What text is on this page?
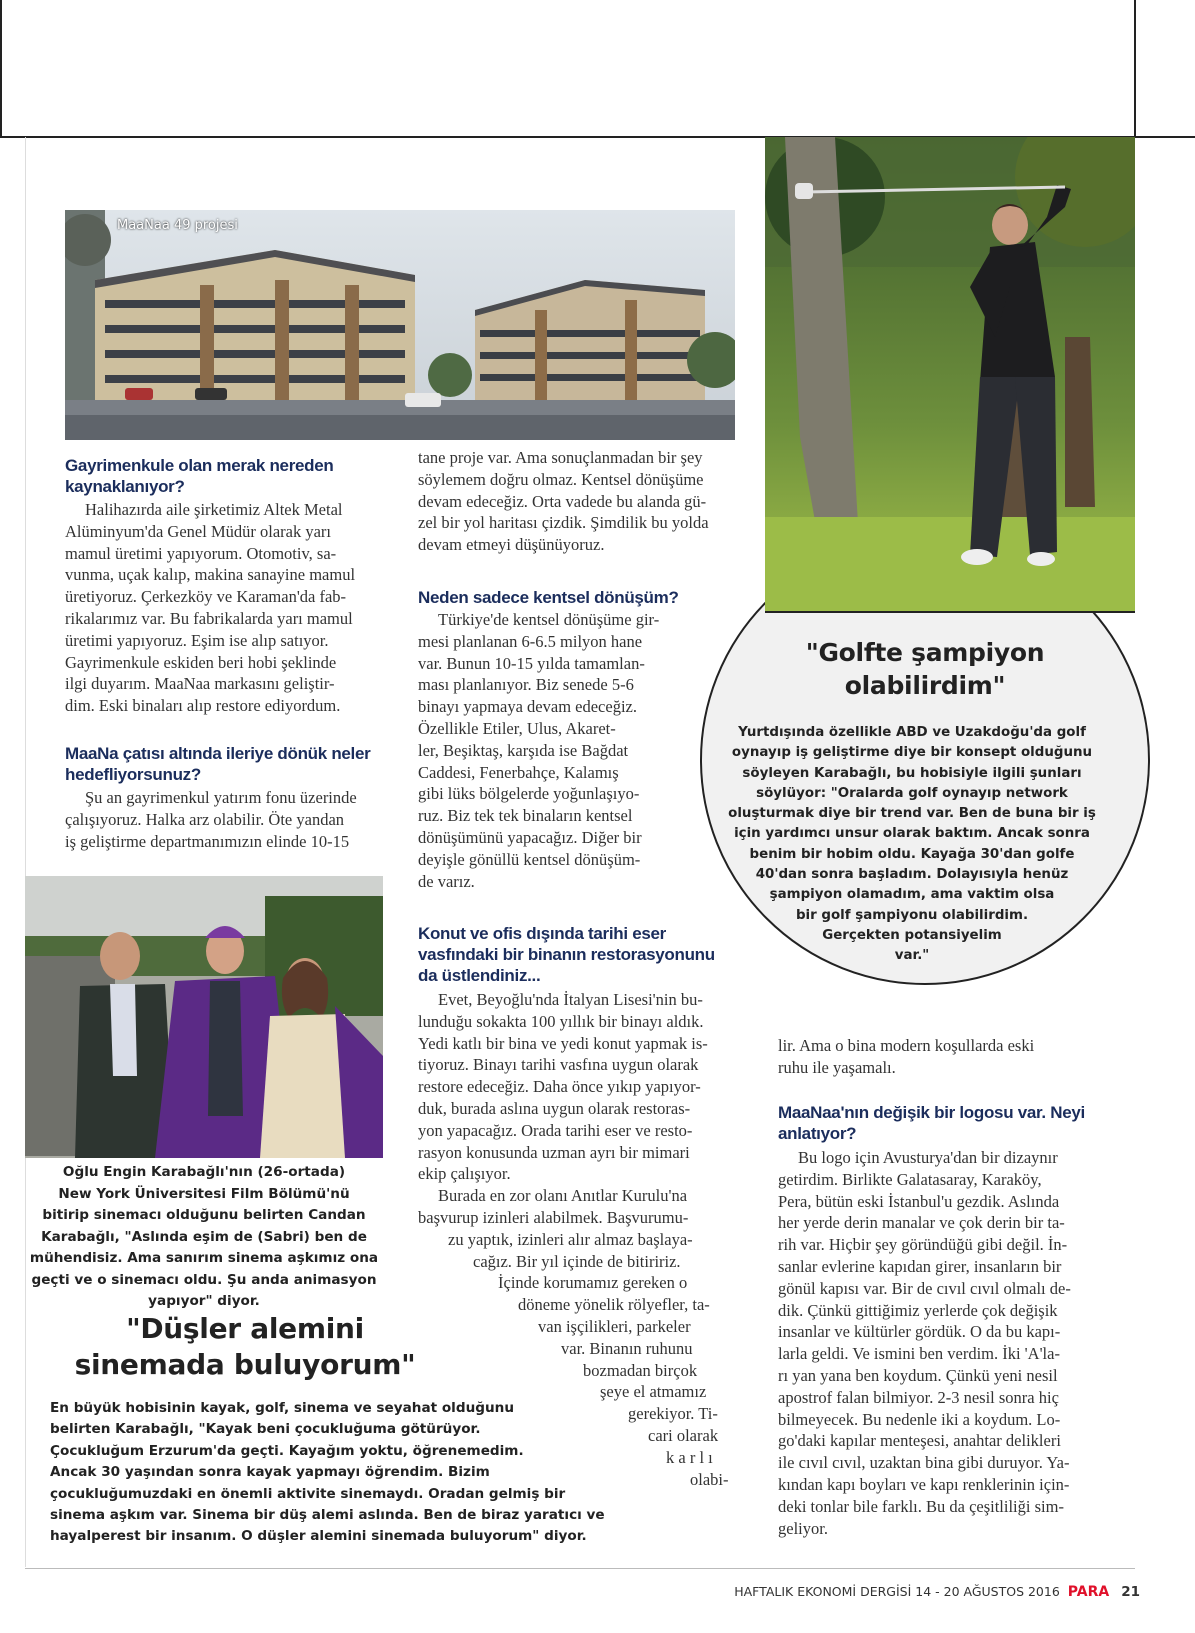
MaaNaa 49 projesi
Gayrimenkule olan merak nereden
kaynaklanıyor?
Halihazırda aile şirketimiz Altek Metal
Alüminyum'da Genel Müdür olarak yarı
mamul üretimi yapıyorum. Otomotiv, sa-
vunma, uçak kalıp, makina sanayine mamul
üretiyoruz. Çerkezköy ve Karaman'da fab-
rikalarımız var. Bu fabrikalarda yarı mamul
üretimi yapıyoruz. Eşim ise alıp satıyor.
Gayrimenkule eskiden beri hobi şeklinde
ilgi duyarım. MaaNaa markasını geliştir-
dim. Eski binaları alıp restore ediyordum.
MaaNa çatısı altında ileriye dönük neler
hedefliyorsunuz?
Şu an gayrimenkul yatırım fonu üzerinde
çalışıyoruz. Halka arz olabilir. Öte yandan
iş geliştirme departmanımızın elinde 10-15
Oğlu Engin Karabağlı'nın (26-ortada)
New York Üniversitesi Film Bölümü'nü
bitirip sinemacı olduğunu belirten Candan
Karabağlı, "Aslında eşim de (Sabri) ben de
mühendisiz. Ama sanırım sinema aşkımız ona
geçti ve o sinemacı oldu. Şu anda animasyon
yapıyor" diyor.
"Düşler alemini
sinemada buluyorum"
En büyük hobisinin kayak, golf, sinema ve seyahat olduğunu
belirten Karabağlı, "Kayak beni çocukluğuma götürüyor.
Çocukluğum Erzurum'da geçti. Kayağım yoktu, öğrenemedim.
Ancak 30 yaşından sonra kayak yapmayı öğrendim. Bizim
çocukluğumuzdaki en önemli aktivite sinemaydı. Oradan gelmiş bir
sinema aşkım var. Sinema bir düş alemi aslında. Ben de biraz yaratıcı ve
hayalperest bir insanım. O düşler alemini sinemada buluyorum" diyor.
tane proje var. Ama sonuçlanmadan bir şey
söylemem doğru olmaz. Kentsel dönüşüme
devam edeceğiz. Orta vadede bu alanda gü-
zel bir yol haritası çizdik. Şimdilik bu yolda
devam etmeyi düşünüyoruz.
Neden sadece kentsel dönüşüm?
Türkiye'de kentsel dönüşüme gir-
mesi planlanan 6-6.5 milyon hane
var. Bunun 10-15 yılda tamamlan-
ması planlanıyor. Biz senede 5-6
binayı yapmaya devam edeceğiz.
Özellikle Etiler, Ulus, Akaret-
ler, Beşiktaş, karşıda ise Bağdat
Caddesi, Fenerbahçe, Kalamış
gibi lüks bölgelerde yoğunlaşıyo-
ruz. Biz tek tek binaların kentsel
dönüşümünü yapacağız. Diğer bir
deyişle gönüllü kentsel dönüşüm-
de varız.
Konut ve ofis dışında tarihi eser
vasfındaki bir binanın restorasyonunu
da üstlendiniz...
Evet, Beyoğlu'nda İtalyan Lisesi'nin bu-
lunduğu sokakta 100 yıllık bir binayı aldık.
Yedi katlı bir bina ve yedi konut yapmak is-
tiyoruz. Binayı tarihi vasfına uygun olarak
restore edeceğiz. Daha önce yıkıp yapıyor-
duk, burada aslına uygun olarak restoras-
yon yapacağız. Orada tarihi eser ve resto-
rasyon konusunda uzman ayrı bir mimari
ekip çalışıyor.
Burada en zor olanı Anıtlar Kurulu'na
başvurup izinleri alabilmek. Başvurumu-
zu yaptık, izinleri alır almaz başlaya-
cağız. Bir yıl içinde de bitiririz.
İçinde korumamız gereken o
döneme yönelik rölyefler, ta-
van işçilikleri, parkeler
var. Binanın ruhunu
bozmadan birçok
şeye el atmamız
gerekiyor. Ti-
cari olarak
k a r l ı
olabi-
"Golfte şampiyon
olabilirdim"
Yurtdışında özellikle ABD ve Uzakdoğu'da golf
oynayıp iş geliştirme diye bir konsept olduğunu
söyleyen Karabağlı, bu hobisiyle ilgili şunları
söylüyor: "Oralarda golf oynayıp network
oluşturmak diye bir trend var. Ben de buna bir iş
için yardımcı unsur olarak baktım. Ancak sonra
benim bir hobim oldu. Kayağa 30'dan golfe
40'dan sonra başladım. Dolayısıyla henüz
şampiyon olamadım, ama vaktim olsa
bir golf şampiyonu olabilirdim.
Gerçekten potansiyelim
var."
lir. Ama o bina modern koşullarda eski
ruhu ile yaşamalı.
MaaNaa'nın değişik bir logosu var. Neyi
anlatıyor?
Bu logo için Avusturya'dan bir dizaynır
getirdim. Birlikte Galatasaray, Karaköy,
Pera, bütün eski İstanbul'u gezdik. Aslında
her yerde derin manalar ve çok derin bir ta-
rih var. Hiçbir şey göründüğü gibi değil. İn-
sanlar evlerine kapıdan girer, insanların bir
gönül kapısı var. Bir de cıvıl cıvıl olmalı de-
dik. Çünkü gittiğimiz yerlerde çok değişik
insanlar ve kültürler gördük. O da bu kapı-
larla geldi. Ve ismini ben verdim. İki 'A'la-
rı yan yana ben koydum. Çünkü yeni nesil
apostrof falan bilmiyor. 2-3 nesil sonra hiç
bilmeyecek. Bu nedenle iki a koydum. Lo-
go'daki kapılar menteşesi, anahtar delikleri
ile cıvıl cıvıl, uzaktan bina gibi duruyor. Ya-
kından kapı boyları ve kapı renklerinin için-
deki tonlar bile farklı. Bu da çeşitliliği sim-
geliyor.
HAFTALIK EKONOMİ DERGİSİ 14 - 20 AĞUSTOS 2016 PARA 21
